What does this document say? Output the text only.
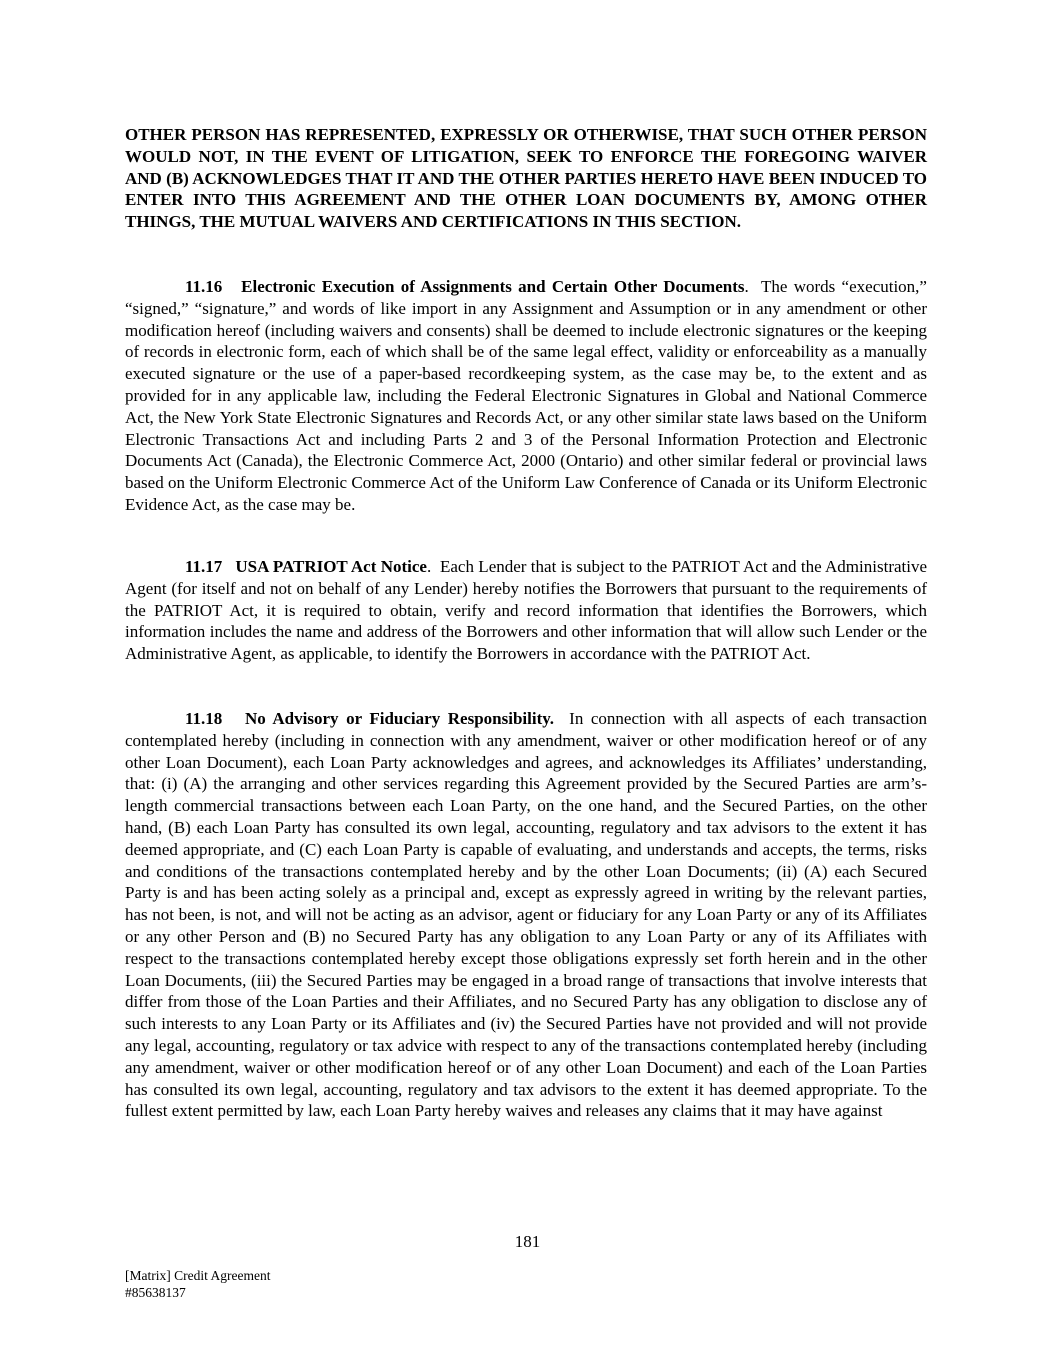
OTHER PERSON HAS REPRESENTED, EXPRESSLY OR OTHERWISE, THAT SUCH OTHER PERSON WOULD NOT, IN THE EVENT OF LITIGATION, SEEK TO ENFORCE THE FOREGOING WAIVER AND (B) ACKNOWLEDGES THAT IT AND THE OTHER PARTIES HERETO HAVE BEEN INDUCED TO ENTER INTO THIS AGREEMENT AND THE OTHER LOAN DOCUMENTS BY, AMONG OTHER THINGS, THE MUTUAL WAIVERS AND CERTIFICATIONS IN THIS SECTION.

11.16 Electronic Execution of Assignments and Certain Other Documents. The words “execution,” “signed,” “signature,” and words of like import in any Assignment and Assumption or in any amendment or other modification hereof (including waivers and consents) shall be deemed to include electronic signatures or the keeping of records in electronic form, each of which shall be of the same legal effect, validity or enforceability as a manually executed signature or the use of a paper-based recordkeeping system, as the case may be, to the extent and as provided for in any applicable law, including the Federal Electronic Signatures in Global and National Commerce Act, the New York State Electronic Signatures and Records Act, or any other similar state laws based on the Uniform Electronic Transactions Act and including Parts 2 and 3 of the Personal Information Protection and Electronic Documents Act (Canada), the Electronic Commerce Act, 2000 (Ontario) and other similar federal or provincial laws based on the Uniform Electronic Commerce Act of the Uniform Law Conference of Canada or its Uniform Electronic Evidence Act, as the case may be.

11.17 USA PATRIOT Act Notice. Each Lender that is subject to the PATRIOT Act and the Administrative Agent (for itself and not on behalf of any Lender) hereby notifies the Borrowers that pursuant to the requirements of the PATRIOT Act, it is required to obtain, verify and record information that identifies the Borrowers, which information includes the name and address of the Borrowers and other information that will allow such Lender or the Administrative Agent, as applicable, to identify the Borrowers in accordance with the PATRIOT Act.

11.18 No Advisory or Fiduciary Responsibility. In connection with all aspects of each transaction contemplated hereby (including in connection with any amendment, waiver or other modification hereof or of any other Loan Document), each Loan Party acknowledges and agrees, and acknowledges its Affiliates’ understanding, that: (i) (A) the arranging and other services regarding this Agreement provided by the Secured Parties are arm’s-length commercial transactions between each Loan Party, on the one hand, and the Secured Parties, on the other hand, (B) each Loan Party has consulted its own legal, accounting, regulatory and tax advisors to the extent it has deemed appropriate, and (C) each Loan Party is capable of evaluating, and understands and accepts, the terms, risks and conditions of the transactions contemplated hereby and by the other Loan Documents; (ii) (A) each Secured Party is and has been acting solely as a principal and, except as expressly agreed in writing by the relevant parties, has not been, is not, and will not be acting as an advisor, agent or fiduciary for any Loan Party or any of its Affiliates or any other Person and (B) no Secured Party has any obligation to any Loan Party or any of its Affiliates with respect to the transactions contemplated hereby except those obligations expressly set forth herein and in the other Loan Documents, (iii) the Secured Parties may be engaged in a broad range of transactions that involve interests that differ from those of the Loan Parties and their Affiliates, and no Secured Party has any obligation to disclose any of such interests to any Loan Party or its Affiliates and (iv) the Secured Parties have not provided and will not provide any legal, accounting, regulatory or tax advice with respect to any of the transactions contemplated hereby (including any amendment, waiver or other modification hereof or of any other Loan Document) and each of the Loan Parties has consulted its own legal, accounting, regulatory and tax advisors to the extent it has deemed appropriate. To the fullest extent permitted by law, each Loan Party hereby waives and releases any claims that it may have against

181
[Matrix] Credit Agreement
#85638137
